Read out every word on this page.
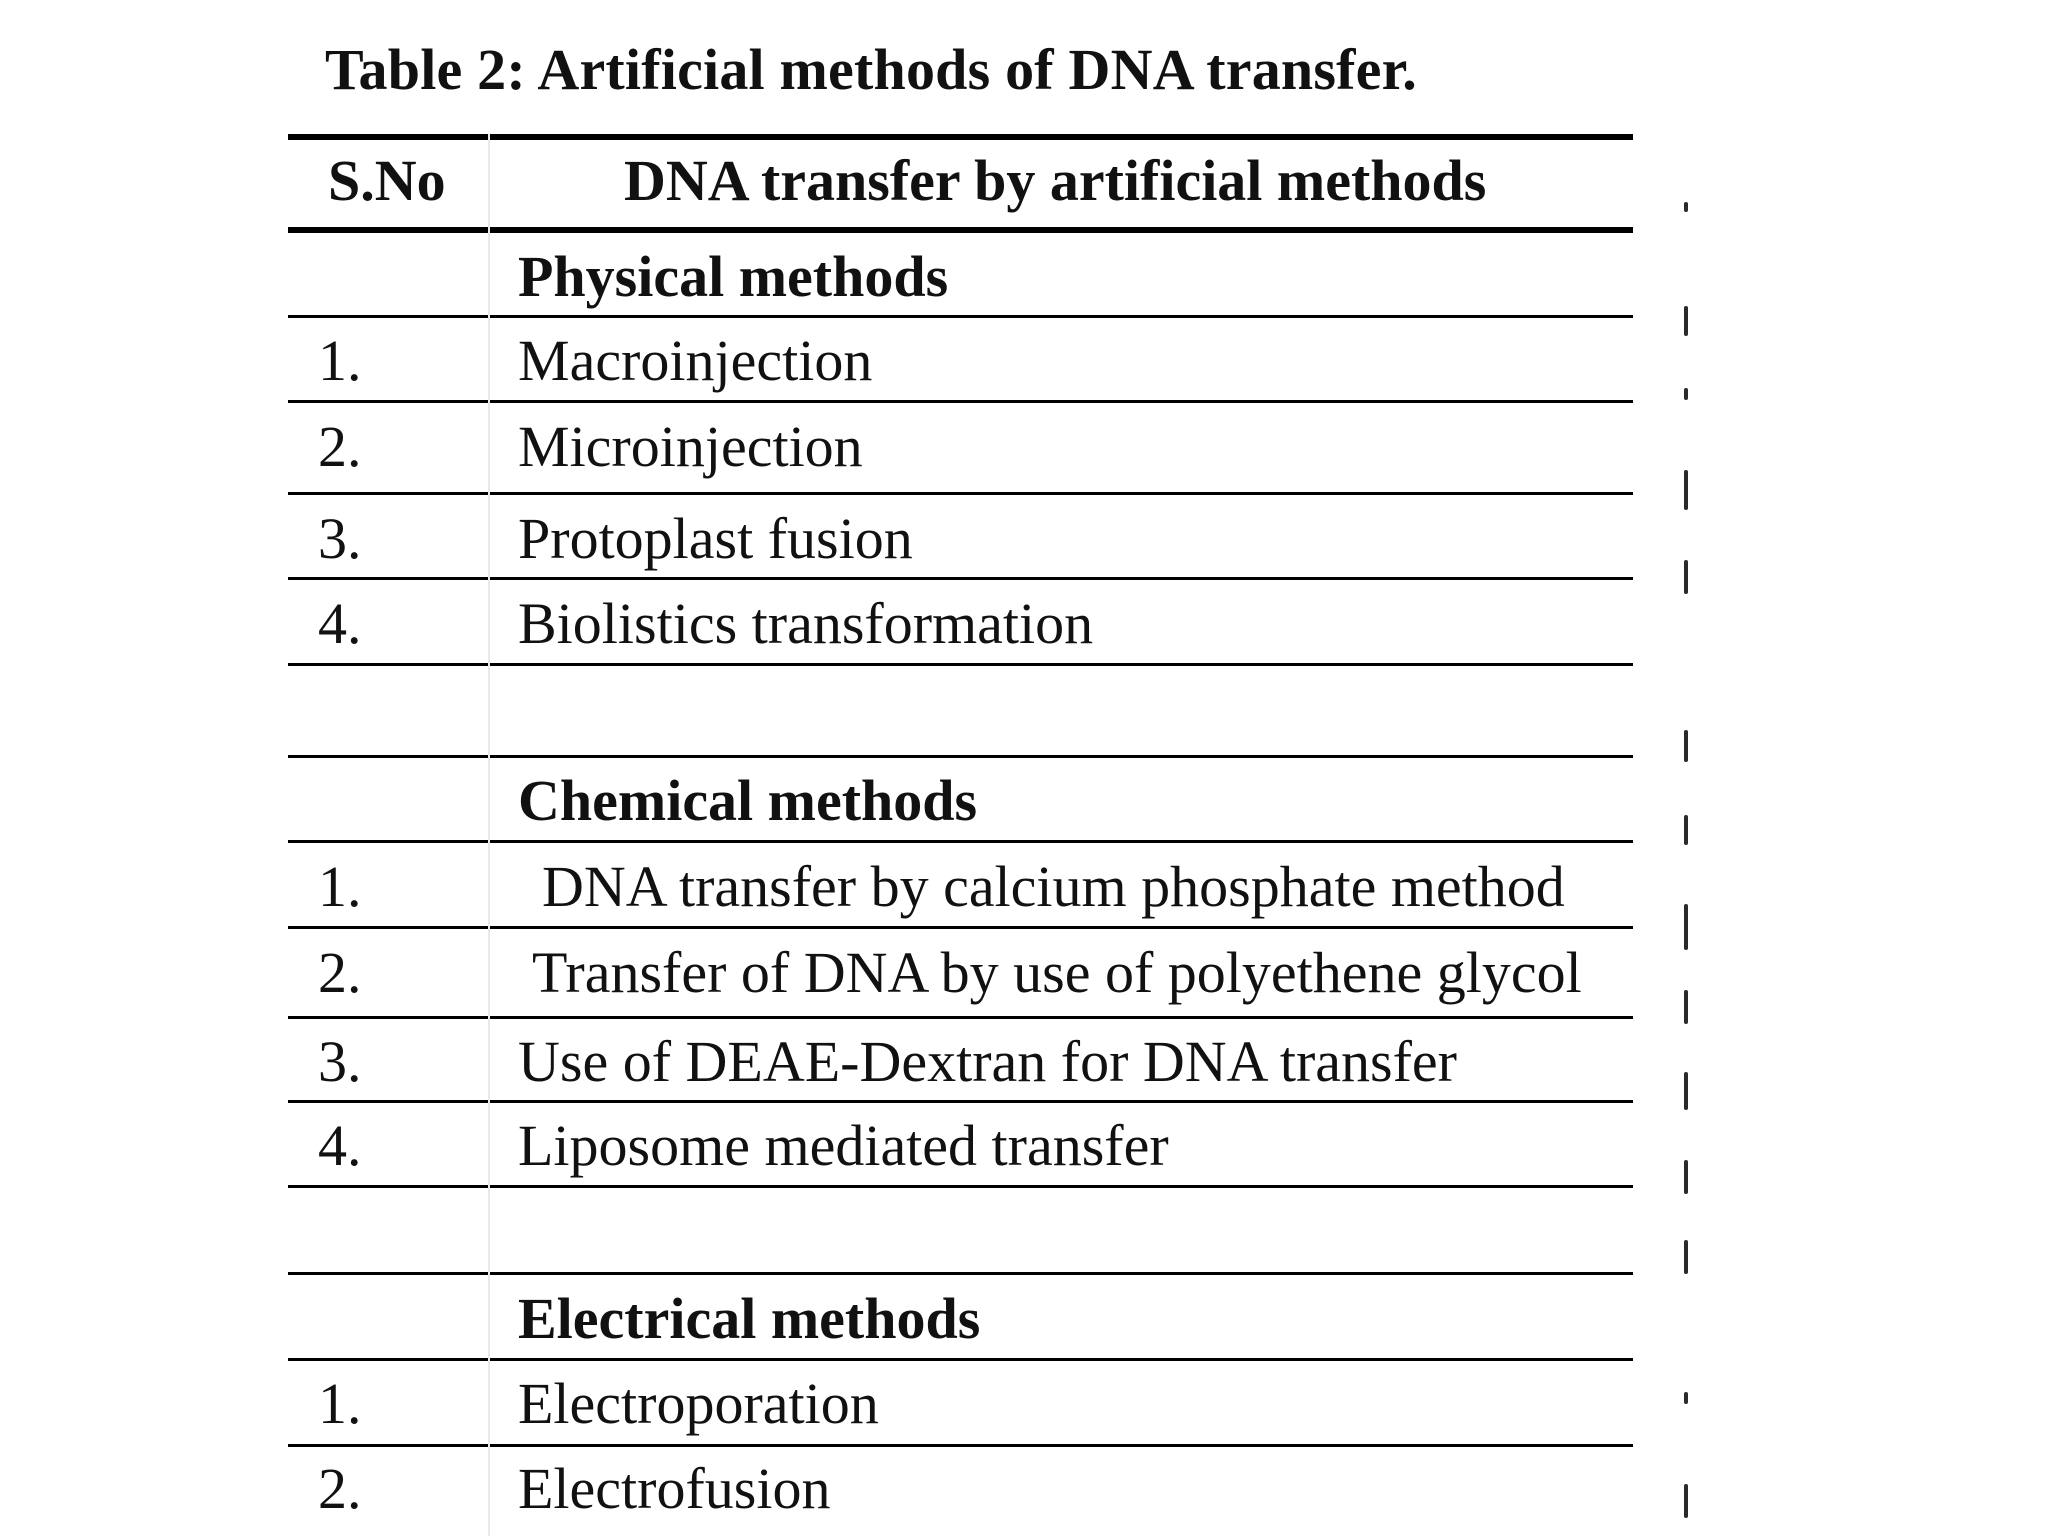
Table 2: Artificial methods of DNA transfer.
S.No	DNA transfer by artificial methods
Physical methods
1.	Macroinjection
2.	Microinjection
3.	Protoplast fusion
4.	Biolistics transformation
Chemical methods
1.	DNA transfer by calcium phosphate method
2.	Transfer of DNA by use of polyethene glycol
3.	Use of DEAE-Dextran for DNA transfer
4.	Liposome mediated transfer
Electrical methods
1.	Electroporation
2.	Electrofusion
